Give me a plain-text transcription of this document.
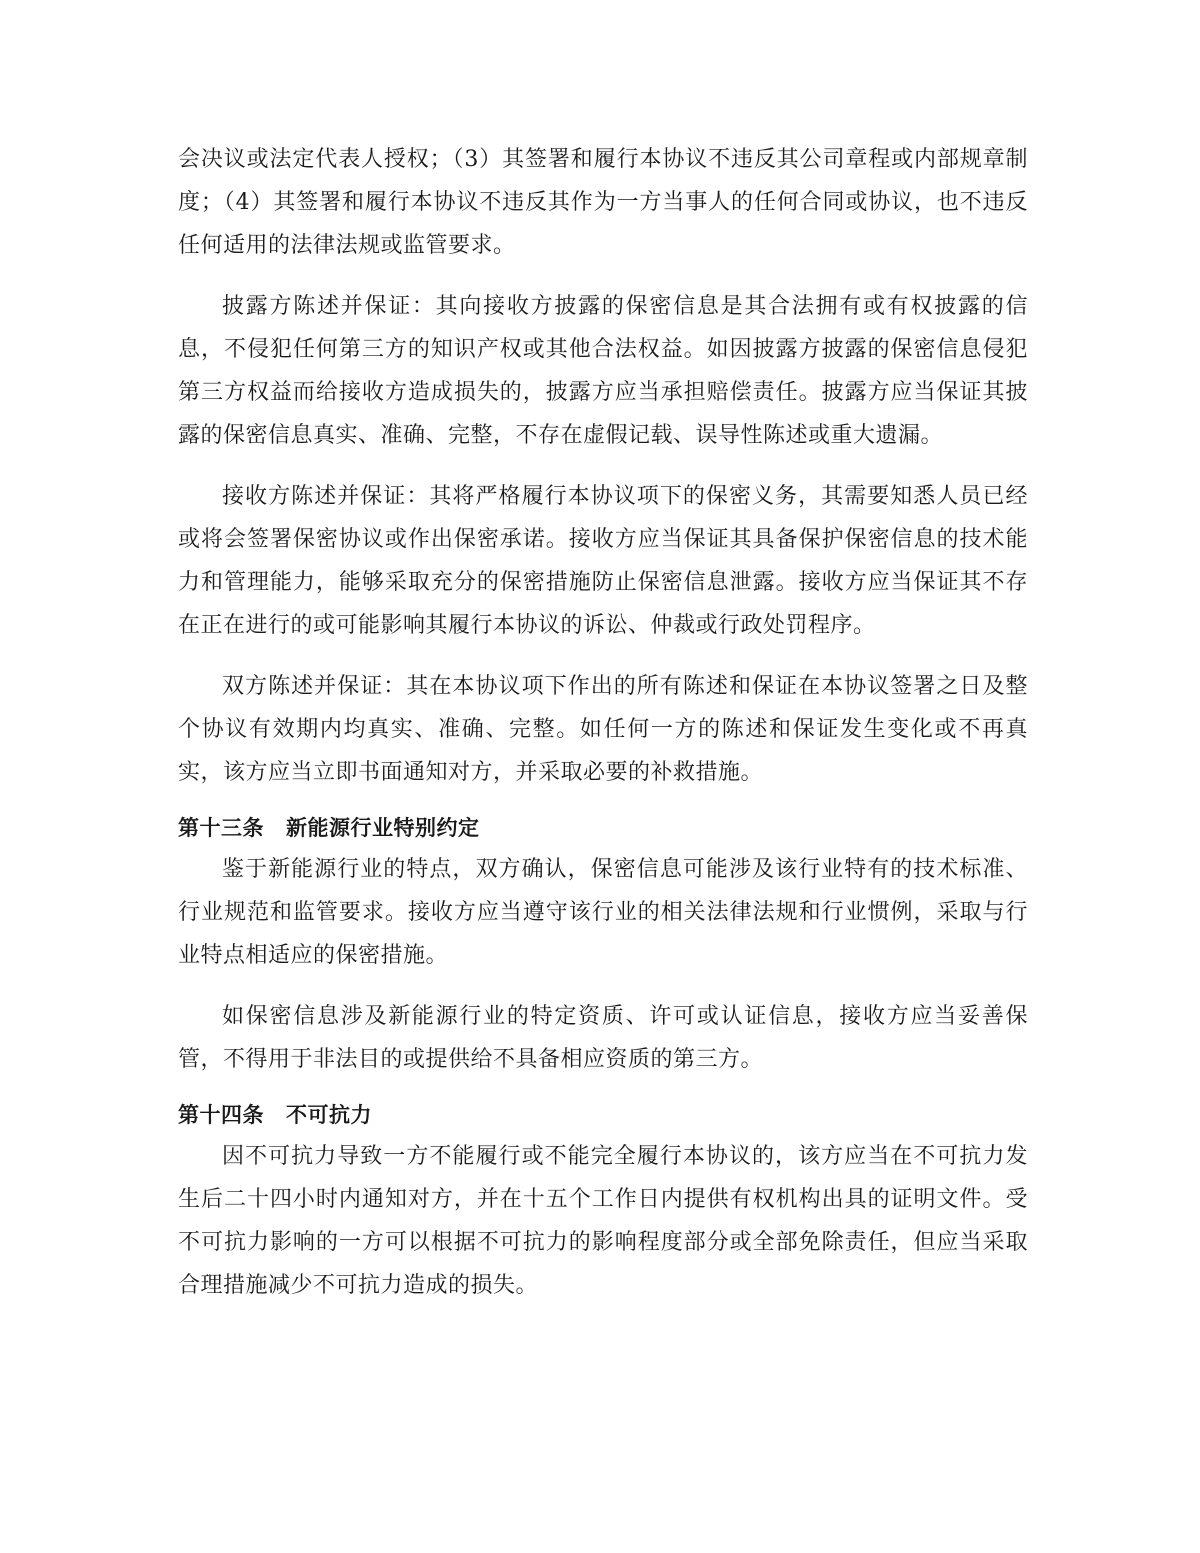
会决议或法定代表人授权；（3）其签署和履行本协议不违反其公司章程或内部规章制度；（4）其签署和履行本协议不违反其作为一方当事人的任何合同或协议，也不违反任何适用的法律法规或监管要求。

披露方陈述并保证：其向接收方披露的保密信息是其合法拥有或有权披露的信息，不侵犯任何第三方的知识产权或其他合法权益。如因披露方披露的保密信息侵犯第三方权益而给接收方造成损失的，披露方应当承担赔偿责任。披露方应当保证其披露的保密信息真实、准确、完整，不存在虚假记载、误导性陈述或重大遗漏。

接收方陈述并保证：其将严格履行本协议项下的保密义务，其需要知悉人员已经或将会签署保密协议或作出保密承诺。接收方应当保证其具备保护保密信息的技术能力和管理能力，能够采取充分的保密措施防止保密信息泄露。接收方应当保证其不存在正在进行的或可能影响其履行本协议的诉讼、仲裁或行政处罚程序。

双方陈述并保证：其在本协议项下作出的所有陈述和保证在本协议签署之日及整个协议有效期内均真实、准确、完整。如任何一方的陈述和保证发生变化或不再真实，该方应当立即书面通知对方，并采取必要的补救措施。

第十三条 新能源行业特别约定

鉴于新能源行业的特点，双方确认，保密信息可能涉及该行业特有的技术标准、行业规范和监管要求。接收方应当遵守该行业的相关法律法规和行业惯例，采取与行业特点相适应的保密措施。

如保密信息涉及新能源行业的特定资质、许可或认证信息，接收方应当妥善保管，不得用于非法目的或提供给不具备相应资质的第三方。

第十四条 不可抗力

因不可抗力导致一方不能履行或不能完全履行本协议的，该方应当在不可抗力发生后二十四小时内通知对方，并在十五个工作日内提供有权机构出具的证明文件。受不可抗力影响的一方可以根据不可抗力的影响程度部分或全部免除责任，但应当采取合理措施减少不可抗力造成的损失。
